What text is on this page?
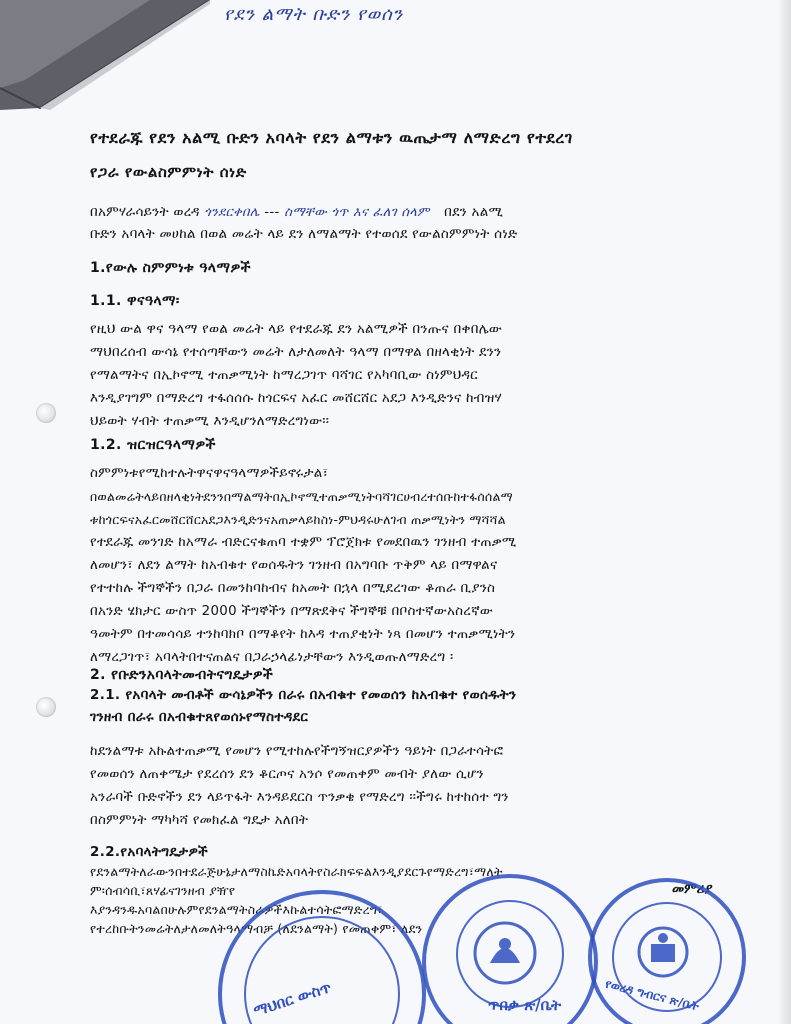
የደን ልማት ቡድን የወሰን
የተደራጁ የደን አልሚ ቡድን አባላት የደን ልማቱን ዉጤታማ ለማድረግ የተደረገ
የጋራ የውልስምምነት ሰነድ
በአምሃራሳይንት ወረዳ ጎንደርቀበሌ --- ስማቸው ጎጥ እና ፈለገ ሰላም በደን አልሚ
ቡድን አባላት መሀከል በወል መሬት ላይ ደን ለማልማት የተወሰደ የውልስምምነት ሰነድ
1.የውሉ ስምምነቱ ዓላማዎች
1.1. ዋናዓላማ፡
የዚህ ውል ዋና ዓላማ የወል መሬት ላይ የተደራጁ ደን አልሚዎች በንጡና በቀበሌው
ማህበረሰብ ውሳኔ የተሰጣቸውን መሬት ለታለመለት ዓላማ በማዋል በዘላቂነት ደንን
የማልማትና በኢኮኖሚ ተጠቃሚነት ከማረጋገጥ ባሻገር የአካባቢው ስነምህዳር
እንዲያገግም በማድረግ ተፋሰሰሱ ከጎርፍና አፈር መሸርሸር አደጋ እንዲድንና ከብዝሃ
ህይወት ሃብት ተጠቃሚ እንዲሆንለማድረግነው፡፡
1.2. ዝርዝርዓላማዎች
ስምምነቱየሚከተሉትዋናዋናዓላማዎችይኖሩታል፣
በወልመሬትላይበዘላቂነትደንንበማልማትበኢኮኖሚተጠቃሚነትባሻገርሀብረተሰቡከተፋሰሰልማ
ቱከጎርፍናአፈርመሸርሸርአደጋእንዲድንናአጠቃላይከስነ-ምህዳሩሁለገብ ጠቃሚነትን ማሻሻል
የተደራጁ መንገድ ከአማራ ብድርናቁጠባ ተቋም ፕሮጀክቱ የመደበዉን ገንዘብ ተጠቃሚ
ለመሆን፣ ለደን ልማት ከአብቁተ የወሰዱትን ገንዘብ በአግባቡ ጥቅም ላይ በማዋልና
የተተከሉ ችግኞችን በጋራ በመንከባከብና ከአመት በኋላ በሚደረገው ቆጠራ ቢያንስ
በአንድ ሄክታር ውስጥ 2000 ችግኞችን በማጽደቅና ችግኞቹ በቦስተኛውአስረኛው
ዓመትም በተመሳሳይ ተንከባክቦ በማቆየት ከእዳ ተጠያቂነት ነጻ በመሆን ተጠቃሚነትን
ለማረጋገጥ፣ አባላትበተናጠልና በጋራኃላፊነታቸውን እንዲወጡለማድረግ ፡
2. የቡድንአባላትመብትናግዴታዎች
2.1. የአባላት መብቶች ውሳኔዎችን በራሩ በአብቁተ የመወሰን ከአብቁተ የወሰዱትን
ገንዘብ በራሩ በአብቁተጸየወሰኑየማስተዳደር
ከደንልማቱ አኩልተጠቃሚ የመሆን የሚተከሉየችግኝዝርያዎችን ዓይነት በጋራተሳትፎ
የመወሰን ለጠቀሜታ የደረሰን ደን ቆርጦና አንሶ የመጠቀም መብት ያለው ሲሆን
አንራባች ቡድኖችን ደን ላይጥፋት እንዳይደርስ ጥንቃቄ የማድረግ ፡፡ችግሩ ከተከሰተ ግን
በስምምነት ማካካሻ የመክፈል ግዴታ አለበት
2.2.የአባላትግዴታዎች
የደንልማትለራውንበተደራጅሁኔታለማስኬድአባላትየስራክፍፍልእንዲያደርጉየማድረግ፣ማለት
ም፡ሰብሳቢ፣ጸሃፊናገንዘብ ያዥየ
እያንዳንዱአባልበሁሉምየደንልማትስራዎችእኩልተሳትፎማድረግ፣
የተረከቡትንመሬትለታለመለትዓላማብቻ (ለደንልማት) የመጠቀም፣ ለደን
መምሪያ
ማህበር ውስጥ	ጥበቃ ጽ/ቤት	የወረዳ ግብርና ጽ/ቤት
